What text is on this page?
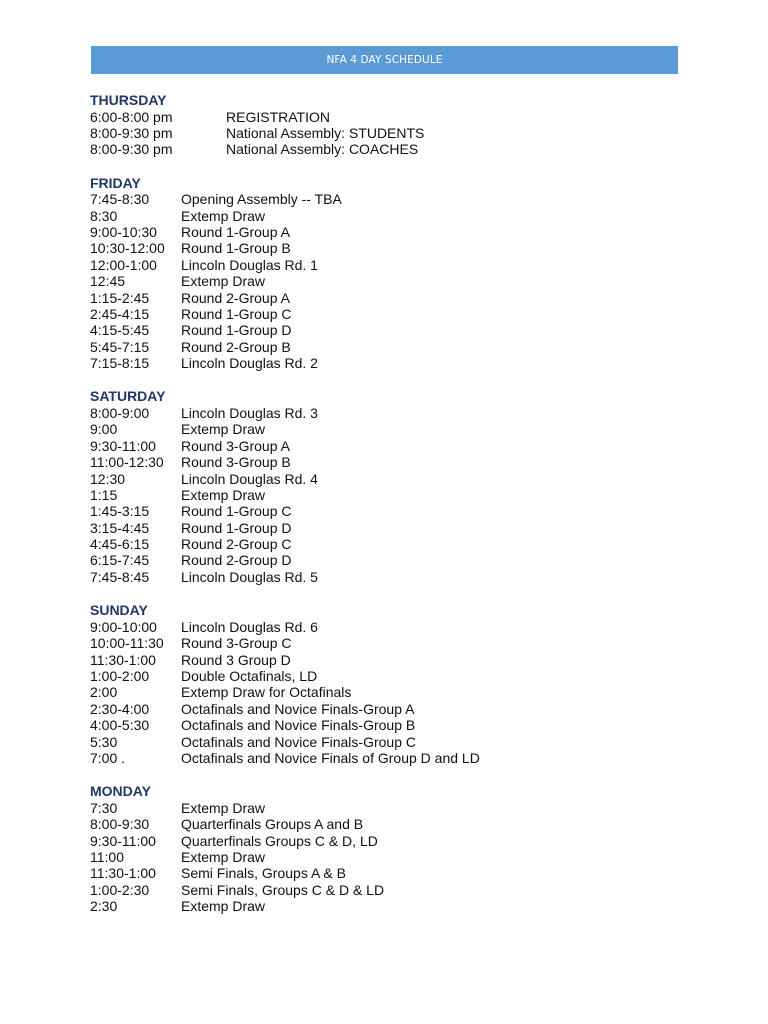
NFA 4 DAY SCHEDULE
THURSDAY
6:00-8:00 pm	REGISTRATION
8:00-9:30 pm	National Assembly: STUDENTS
8:00-9:30 pm	National Assembly: COACHES
FRIDAY
7:45-8:30	Opening Assembly -- TBA
8:30	Extemp Draw
9:00-10:30	Round 1-Group A
10:30-12:00	Round 1-Group B
12:00-1:00	Lincoln Douglas Rd. 1
12:45	Extemp Draw
1:15-2:45	Round 2-Group A
2:45-4:15	Round 1-Group C
4:15-5:45	Round 1-Group D
5:45-7:15	Round 2-Group B
7:15-8:15	Lincoln Douglas Rd. 2
SATURDAY
8:00-9:00	Lincoln Douglas Rd. 3
9:00	Extemp Draw
9:30-11:00	Round 3-Group A
11:00-12:30	Round 3-Group B
12:30	Lincoln Douglas Rd. 4
1:15	Extemp Draw
1:45-3:15	Round 1-Group C
3:15-4:45	Round 1-Group D
4:45-6:15	Round 2-Group C
6:15-7:45	Round 2-Group D
7:45-8:45	Lincoln Douglas Rd. 5
SUNDAY
9:00-10:00	Lincoln Douglas Rd. 6
10:00-11:30	Round 3-Group C
11:30-1:00	Round 3 Group D
1:00-2:00	Double Octafinals, LD
2:00	Extemp Draw for Octafinals
2:30-4:00	Octafinals and Novice Finals-Group A
4:00-5:30	Octafinals and Novice Finals-Group B
5:30	Octafinals and Novice Finals-Group C
7:00 .	Octafinals and Novice Finals of Group D and LD
MONDAY
7:30	Extemp Draw
8:00-9:30	Quarterfinals Groups A and B
9:30-11:00	Quarterfinals Groups C & D, LD
11:00	Extemp Draw
11:30-1:00	Semi Finals, Groups A & B
1:00-2:30	Semi Finals, Groups C & D & LD
2:30	Extemp Draw
